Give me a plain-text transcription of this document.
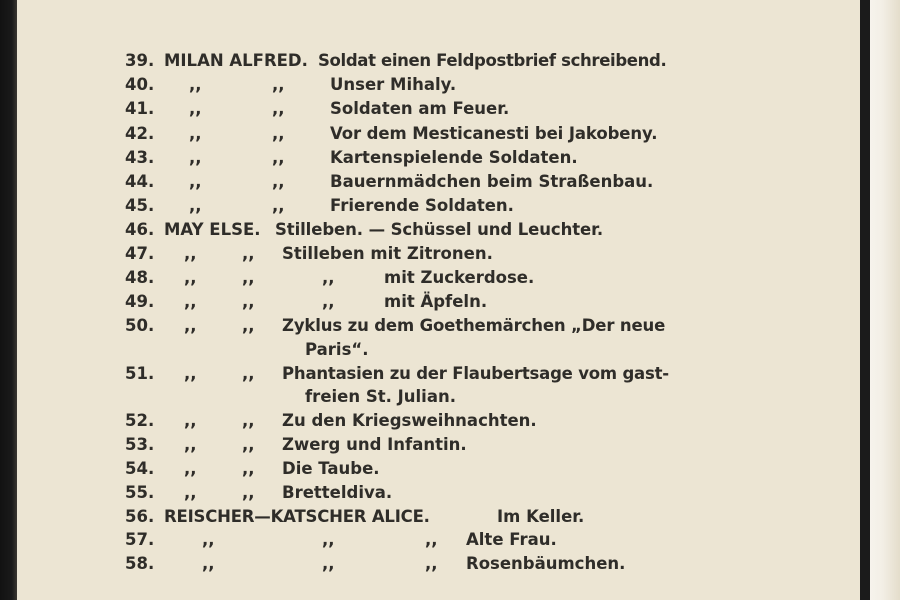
39. MILAN ALFRED. Soldat einen Feldpostbrief schreibend.
40. ,,	,,	Unser Mihaly.
41. ,,	,,	Soldaten am Feuer.
42. ,,	,,	Vor dem Mesticanesti bei Jakobeny.
43. ,,	,,	Kartenspielende Soldaten.
44. ,,	,,	Bauernmädchen beim Straßenbau.
45. ,,	,,	Frierende Soldaten.
46. MAY ELSE. Stilleben. — Schüssel und Leuchter.
47. ,,	,, Stilleben mit Zitronen.
48. ,,	,,	,,	mit Zuckerdose.
49. ,,	,,	,,	mit Äpfeln.
50. ,,	,, Zyklus zu dem Goethemärchen „Der neue
Paris“.
51. ,,	,, Phantasien zu der Flaubertsage vom gast-
freien St. Julian.
52. ,,	,, Zu den Kriegsweihnachten.
53. ,,	,, Zwerg und Infantin.
54. ,,	,, Die Taube.
55. ,,	,, Bretteldiva.
56. REISCHER—KATSCHER ALICE.	Im Keller.
57.	,,	,,	,, Alte Frau.
58.	,,	,,	,, Rosenbäumchen.
